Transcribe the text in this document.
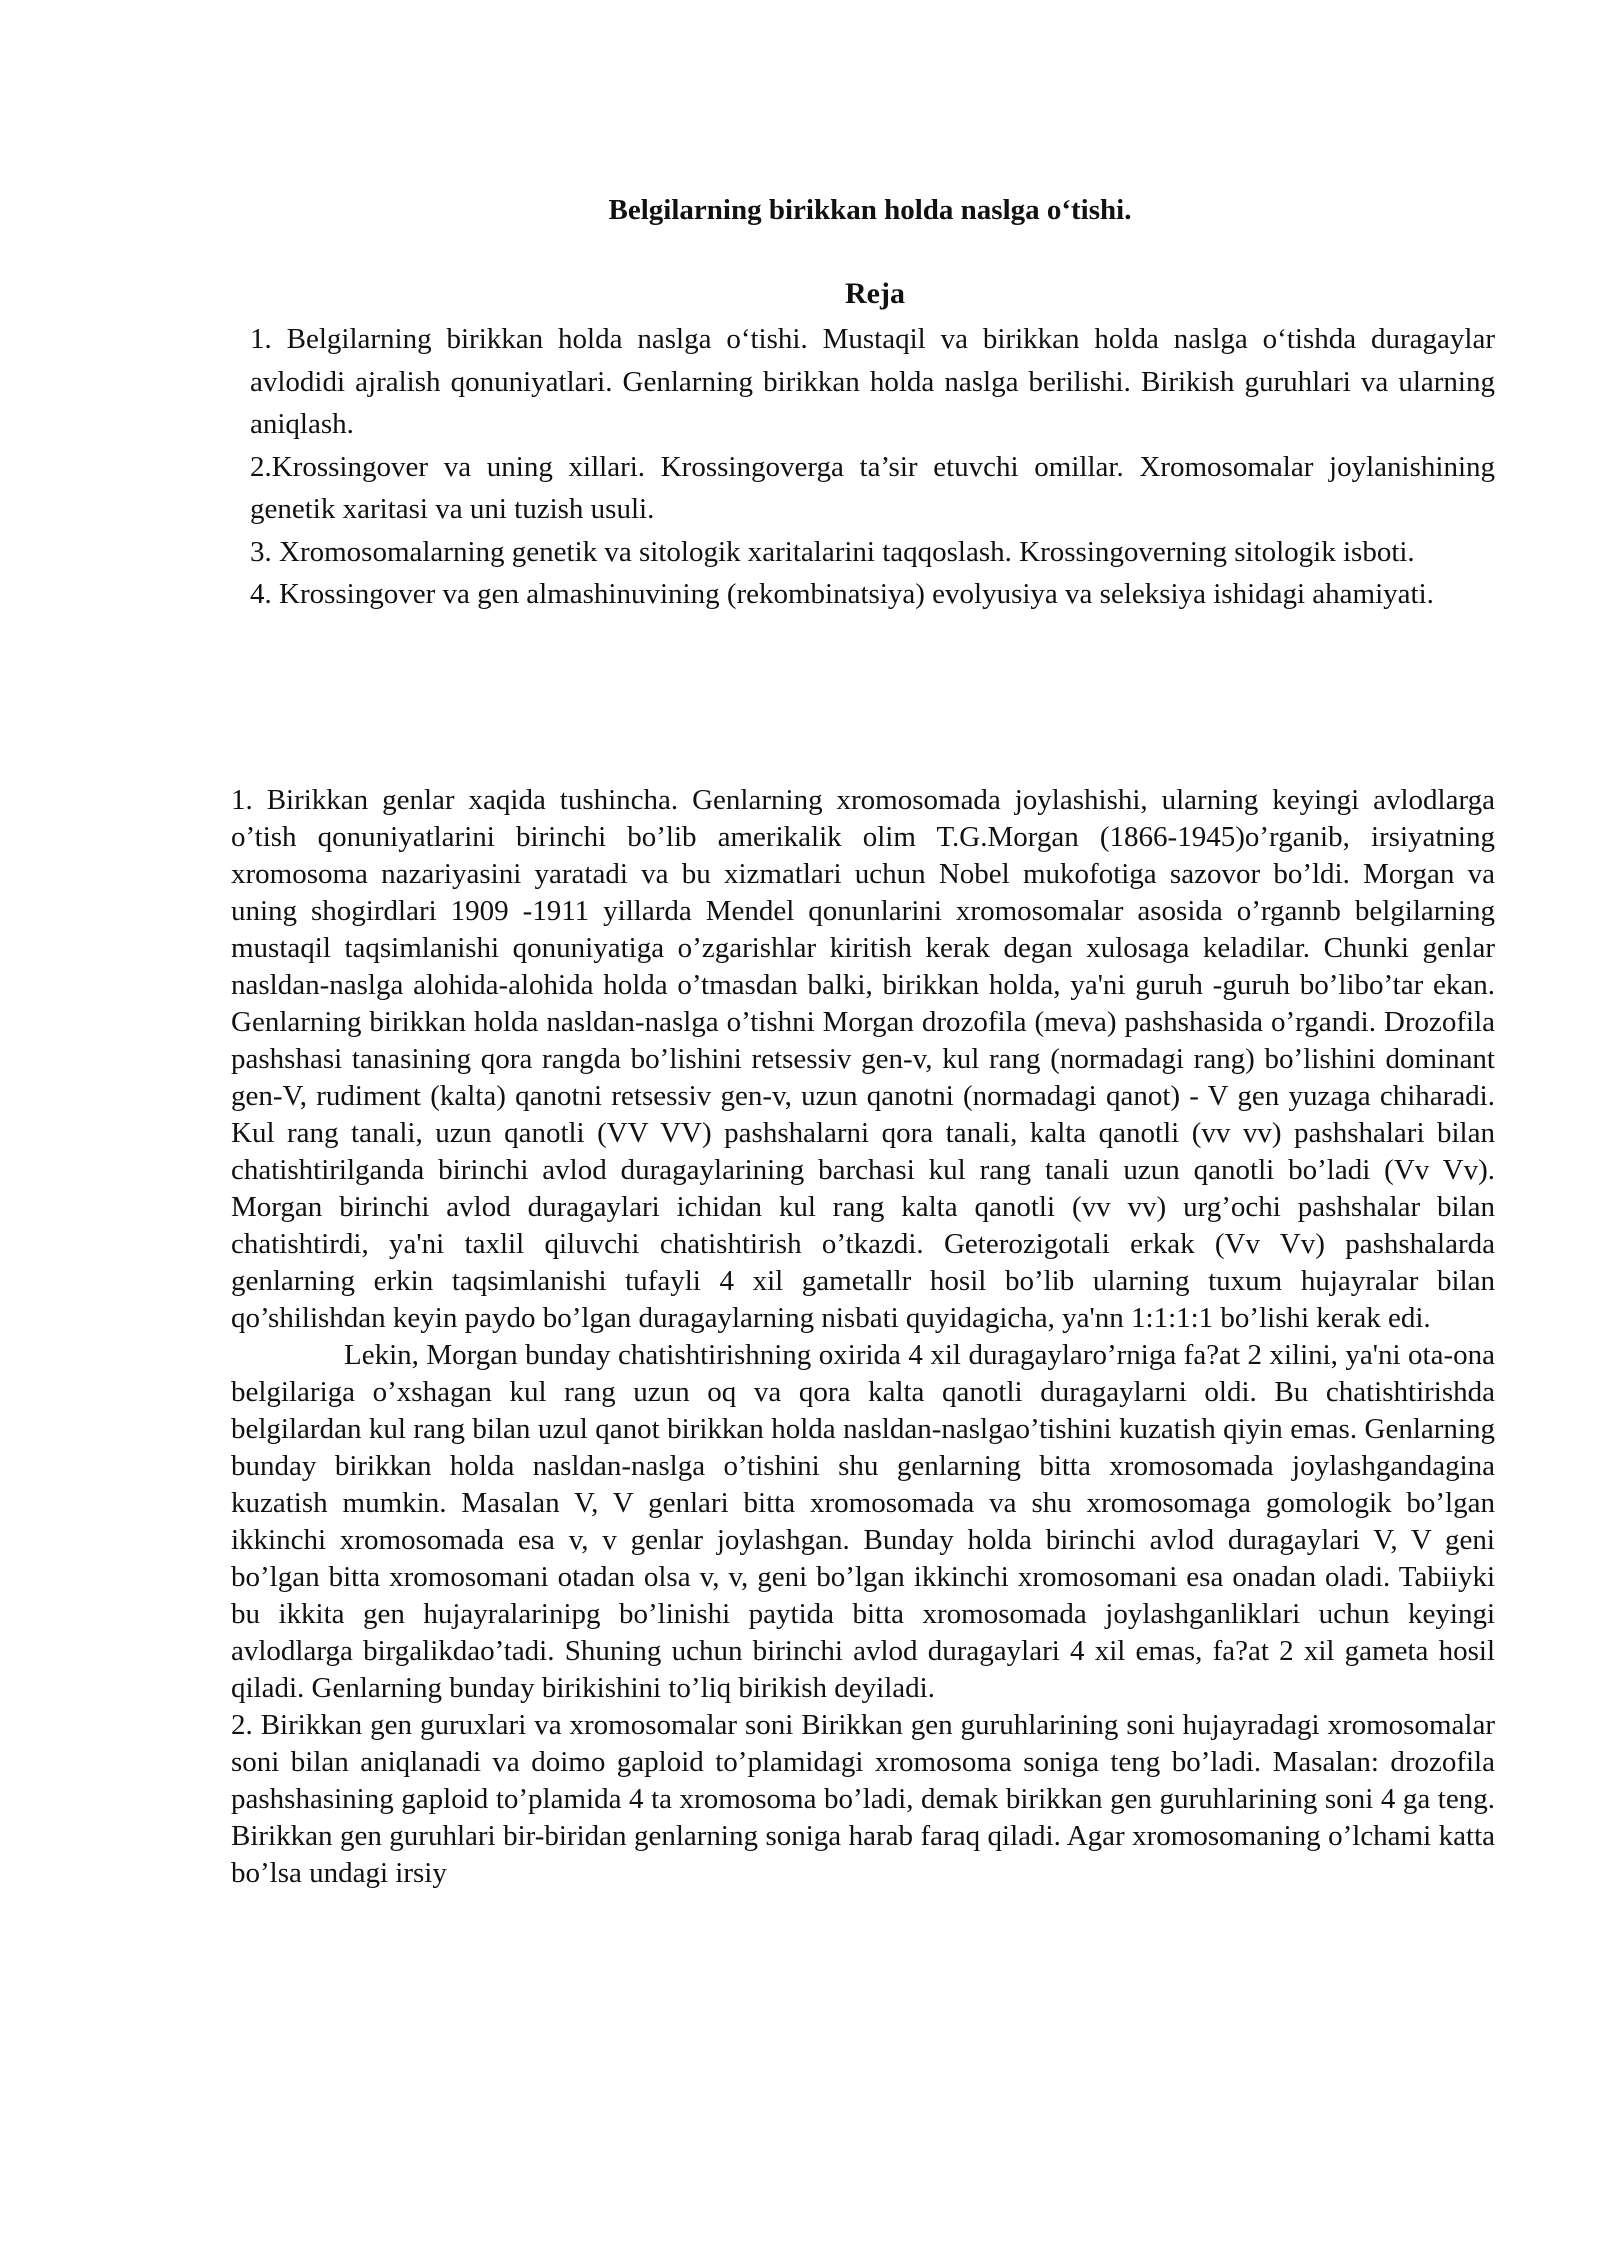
Belgilarning birikkan holda naslga o‘tishi.
Reja

1. Belgilarning birikkan holda naslga o‘tishi. Mustaqil va birikkan holda naslga o‘tishda duragaylar avlodidi ajralish qonuniyatlari. Genlarning birikkan holda naslga berilishi. Birikish guruhlari va ularning aniqlash.

2.Krossingover va uning xillari. Krossingoverga ta’sir etuvchi omillar. Xromosomalar joylanishining genetik xaritasi va uni tuzish usuli.

3. Xromosomalarning genetik va sitologik xaritalarini taqqoslash. Krossingoverning sitologik isboti.

4. Krossingover va gen almashinuvining (rekombinatsiya) evolyusiya va seleksiya ishidagi ahamiyati.

1. Birikkan genlar xaqida tushincha. Genlarning xromosomada joylashishi, ularning keyingi avlodlarga o’tish qonuniyatlarini birinchi bo’lib amerikalik olim T.G.Morgan (1866-1945)o’rganib, irsiyatning xromosoma nazariyasini yaratadi va bu xizmatlari uchun Nobel mukofotiga sazovor bo’ldi. Morgan va uning shogirdlari 1909 -1911 yillarda Mendel qonunlarini xromosomalar asosida o’rgannb belgilarning mustaqil taqsimlanishi qonuniyatiga o’zgarishlar kiritish kerak degan xulosaga keladilar. Chunki genlar nasldan-naslga alohida-alohida holda o’tmasdan balki, birikkan holda, ya'ni guruh -guruh bo’libo’tar ekan. Genlarning birikkan holda nasldan-naslga o’tishni Morgan drozofila (meva) pashshasida o’rgandi. Drozofila pashshasi tanasining qora rangda bo’lishini retsessiv gen-v, kul rang (normadagi rang) bo’lishini dominant gen-V, rudiment (kalta) qanotni retsessiv gen-v, uzun qanotni (normadagi qanot) - V gen yuzaga chiharadi. Kul rang tanali, uzun qanotli (VV VV) pashshalarni qora tanali, kalta qanotli (vv vv) pashshalari bilan chatishtirilganda birinchi avlod duragaylarining barchasi kul rang tanali uzun qanotli bo’ladi (Vv Vv). Morgan birinchi avlod duragaylari ichidan kul rang kalta qanotli (vv vv) urg’ochi pashshalar bilan chatishtirdi, ya'ni taxlil qiluvchi chatishtirish o’tkazdi. Geterozigotali erkak (Vv Vv) pashshalarda genlarning erkin taqsimlanishi tufayli 4 xil gametallr hosil bo’lib ularning tuxum hujayralar bilan qo’shilishdan keyin paydo bo’lgan duragaylarning nisbati quyidagicha, ya'nn 1:1:1:1 bo’lishi kerak edi.

Lekin, Morgan bunday chatishtirishning oxirida 4 xil duragaylaro’rniga fa?at 2 xilini, ya'ni ota-ona belgilariga o’xshagan kul rang uzun oq va qora kalta qanotli duragaylarni oldi. Bu chatishtirishda belgilardan kul rang bilan uzul qanot birikkan holda nasldan-naslgao’tishini kuzatish qiyin emas. Genlarning bunday birikkan holda nasldan-naslga o’tishini shu genlarning bitta xromosomada joylashgandagina kuzatish mumkin. Masalan V, V genlari bitta xromosomada va shu xromosomaga gomologik bo’lgan ikkinchi xromosomada esa v, v genlar joylashgan. Bunday holda birinchi avlod duragaylari V, V geni bo’lgan bitta xromosomani otadan olsa v, v, geni bo’lgan ikkinchi xromosomani esa onadan oladi. Tabiiyki bu ikkita gen hujayralarinipg bo’linishi paytida bitta xromosomada joylashganliklari uchun keyingi avlodlarga birgalikdao’tadi. Shuning uchun birinchi avlod duragaylari 4 xil emas, fa?at 2 xil gameta hosil qiladi. Genlarning bunday birikishini to’liq birikish deyiladi.

2. Birikkan gen guruxlari va xromosomalar soni Birikkan gen guruhlarining soni hujayradagi xromosomalar soni bilan aniqlanadi va doimo gaploid to’plamidagi xromosoma soniga teng bo’ladi. Masalan: drozofila pashshasining gaploid to’plamida 4 ta xromosoma bo’ladi, demak birikkan gen guruhlarining soni 4 ga teng. Birikkan gen guruhlari bir-biridan genlarning soniga harab faraq qiladi. Agar xromosomaning o’lchami katta bo’lsa undagi irsiy
